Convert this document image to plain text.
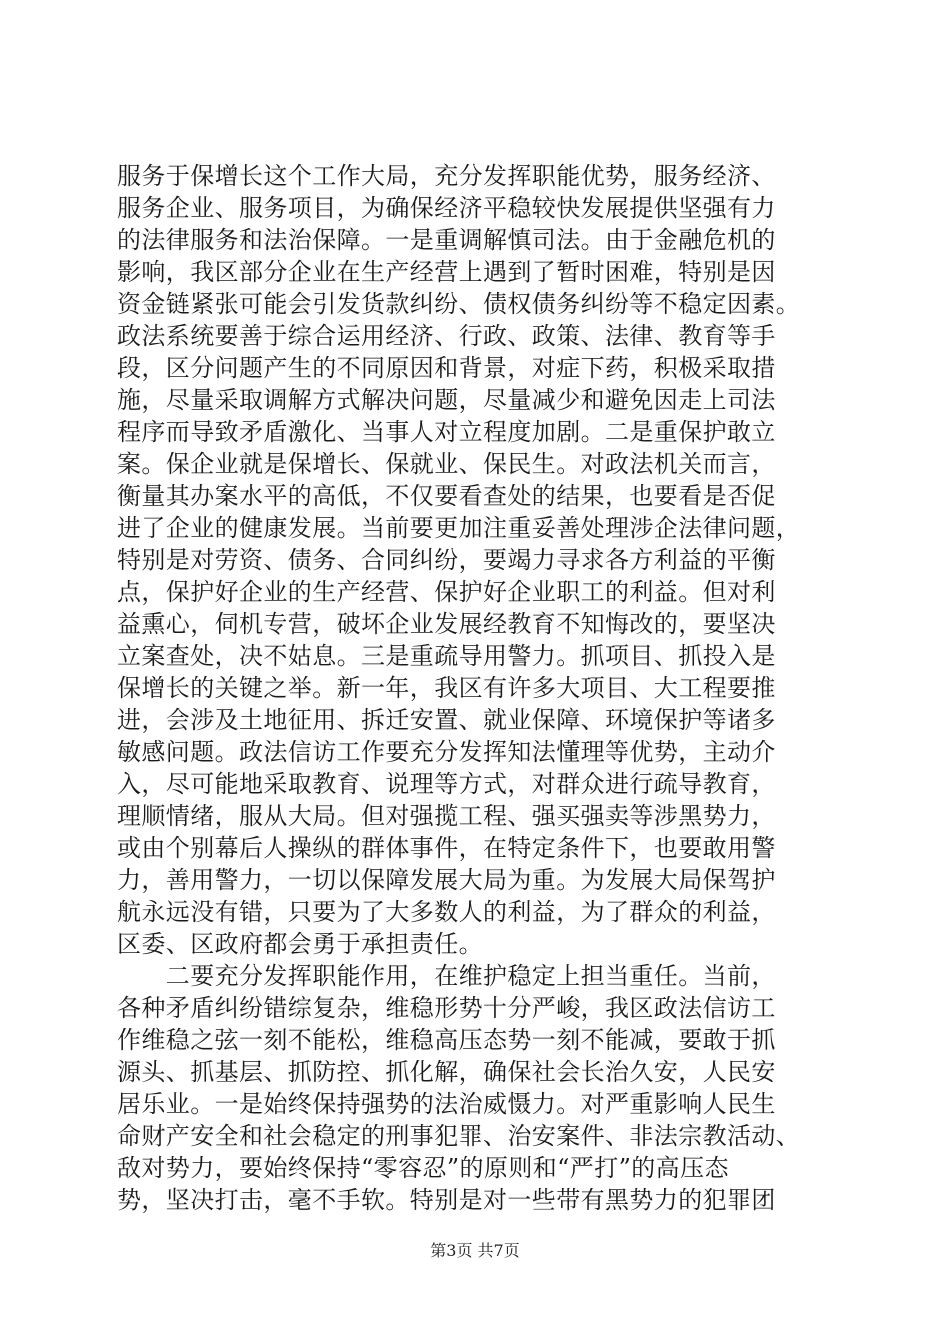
服务于保增长这个工作大局，充分发挥职能优势，服务经济、
服务企业、服务项目，为确保经济平稳较快发展提供坚强有力
的法律服务和法治保障。一是重调解慎司法。由于金融危机的
影响，我区部分企业在生产经营上遇到了暂时困难，特别是因
资金链紧张可能会引发货款纠纷、债权债务纠纷等不稳定因素。
政法系统要善于综合运用经济、行政、政策、法律、教育等手
段，区分问题产生的不同原因和背景，对症下药，积极采取措
施，尽量采取调解方式解决问题，尽量减少和避免因走上司法
程序而导致矛盾激化、当事人对立程度加剧。二是重保护敢立
案。保企业就是保增长、保就业、保民生。对政法机关而言，
衡量其办案水平的高低，不仅要看查处的结果，也要看是否促
进了企业的健康发展。当前要更加注重妥善处理涉企法律问题，
特别是对劳资、债务、合同纠纷，要竭力寻求各方利益的平衡
点，保护好企业的生产经营、保护好企业职工的利益。但对利
益熏心，伺机专营，破坏企业发展经教育不知悔改的，要坚决
立案查处，决不姑息。三是重疏导用警力。抓项目、抓投入是
保增长的关键之举。新一年，我区有许多大项目、大工程要推
进，会涉及土地征用、拆迁安置、就业保障、环境保护等诸多
敏感问题。政法信访工作要充分发挥知法懂理等优势，主动介
入，尽可能地采取教育、说理等方式，对群众进行疏导教育，
理顺情绪，服从大局。但对强揽工程、强买强卖等涉黑势力，
或由个别幕后人操纵的群体事件，在特定条件下，也要敢用警
力，善用警力，一切以保障发展大局为重。为发展大局保驾护
航永远没有错，只要为了大多数人的利益，为了群众的利益，
区委、区政府都会勇于承担责任。
　　二要充分发挥职能作用，在维护稳定上担当重任。当前，
各种矛盾纠纷错综复杂，维稳形势十分严峻，我区政法信访工
作维稳之弦一刻不能松，维稳高压态势一刻不能减，要敢于抓
源头、抓基层、抓防控、抓化解，确保社会长治久安，人民安
居乐业。一是始终保持强势的法治威慑力。对严重影响人民生
命财产安全和社会稳定的刑事犯罪、治安案件、非法宗教活动、
敌对势力，要始终保持“零容忍”的原则和“严打”的高压态
势，坚决打击，毫不手软。特别是对一些带有黑势力的犯罪团
第3页 共7页
